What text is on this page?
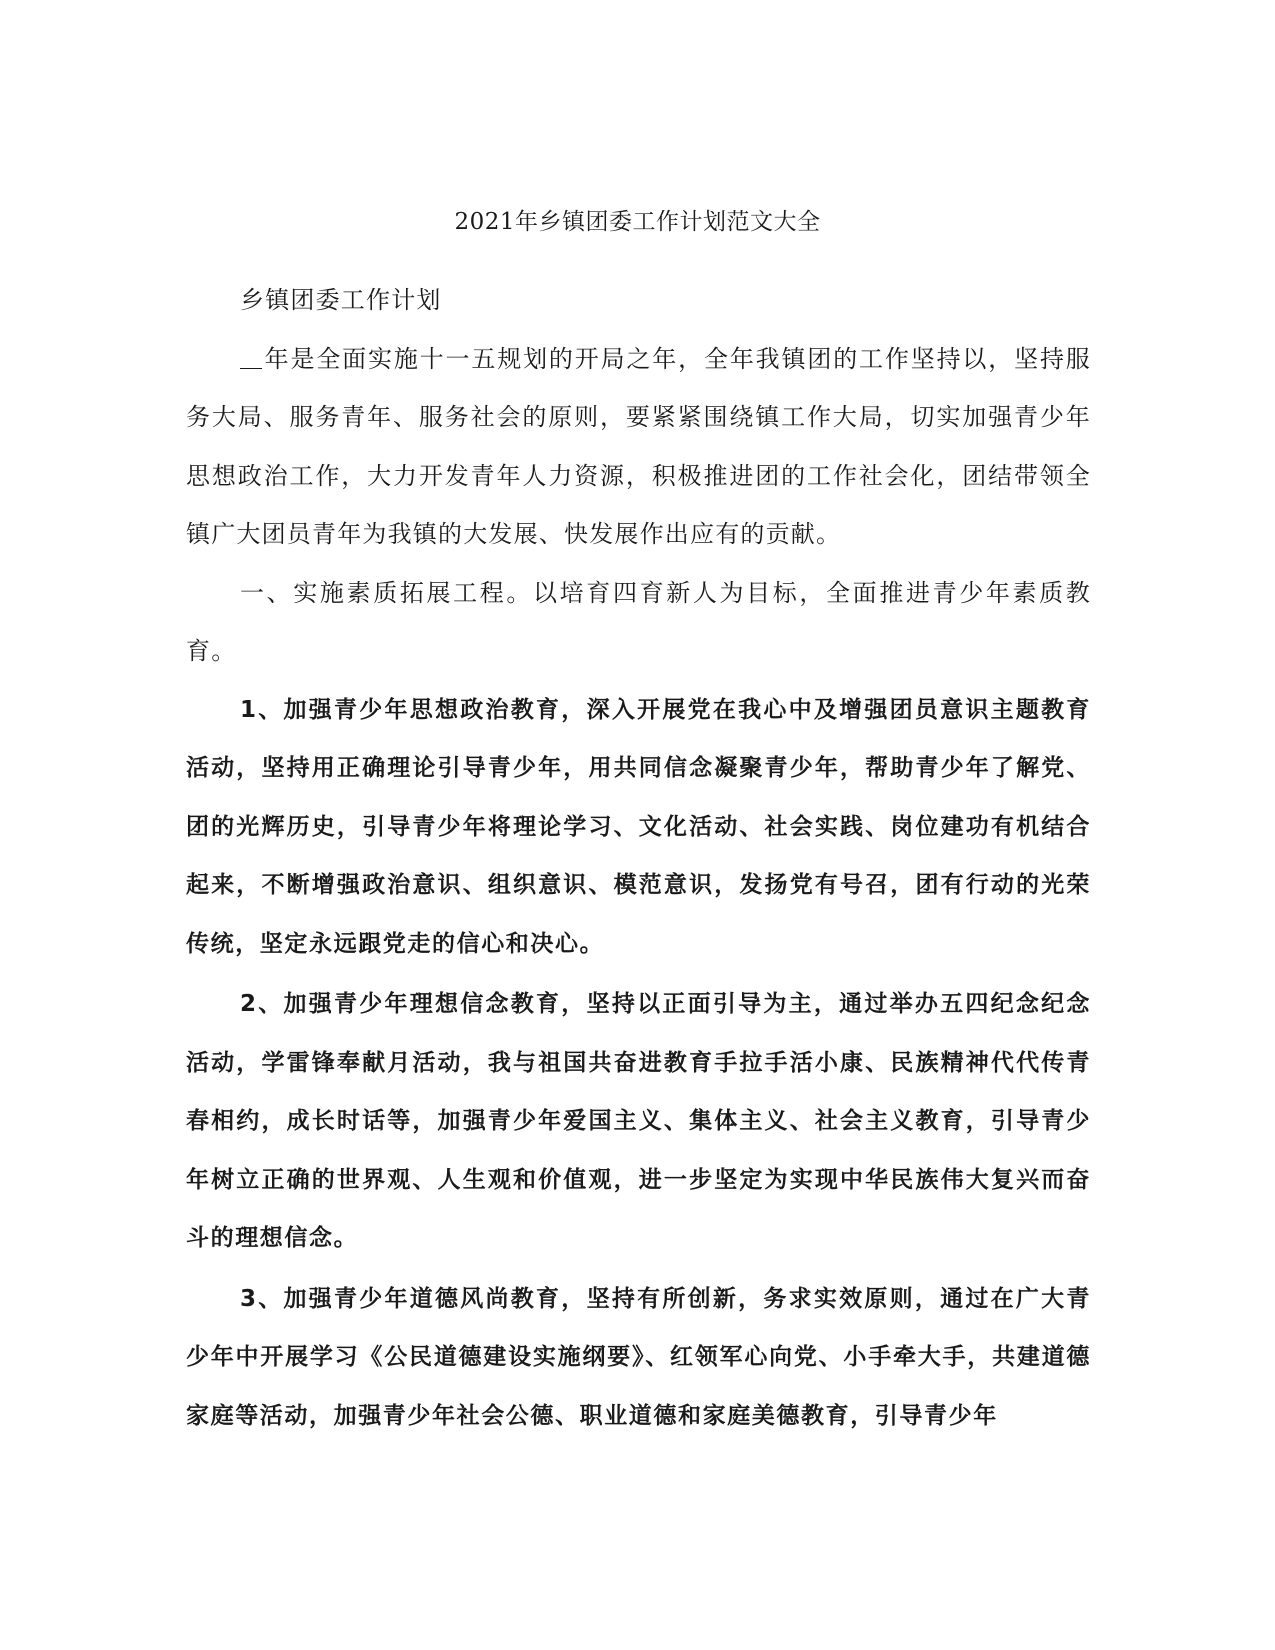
2021年乡镇团委工作计划范文大全

乡镇团委工作计划

年是全面实施十一五规划的开局之年，全年我镇团的工作坚持以，坚持服务大局、服务青年、服务社会的原则，要紧紧围绕镇工作大局，切实加强青少年思想政治工作，大力开发青年人力资源，积极推进团的工作社会化，团结带领全镇广大团员青年为我镇的大发展、快发展作出应有的贡献。

一、实施素质拓展工程。以培育四育新人为目标，全面推进青少年素质教育。

1、加强青少年思想政治教育，深入开展党在我心中及增强团员意识主题教育活动，坚持用正确理论引导青少年，用共同信念凝聚青少年，帮助青少年了解党、团的光辉历史，引导青少年将理论学习、文化活动、社会实践、岗位建功有机结合起来，不断增强政治意识、组织意识、模范意识，发扬党有号召，团有行动的光荣传统，坚定永远跟党走的信心和决心。

2、加强青少年理想信念教育，坚持以正面引导为主，通过举办五四纪念纪念活动，学雷锋奉献月活动，我与祖国共奋进教育手拉手活小康、民族精神代代传青春相约，成长时话等，加强青少年爱国主义、集体主义、社会主义教育，引导青少年树立正确的世界观、人生观和价值观，进一步坚定为实现中华民族伟大复兴而奋斗的理想信念。

3、加强青少年道德风尚教育，坚持有所创新，务求实效原则，通过在广大青少年中开展学习《公民道德建设实施纲要》、红领军心向党、小手牵大手，共建道德家庭等活动，加强青少年社会公德、职业道德和家庭美德教育，引导青少年
